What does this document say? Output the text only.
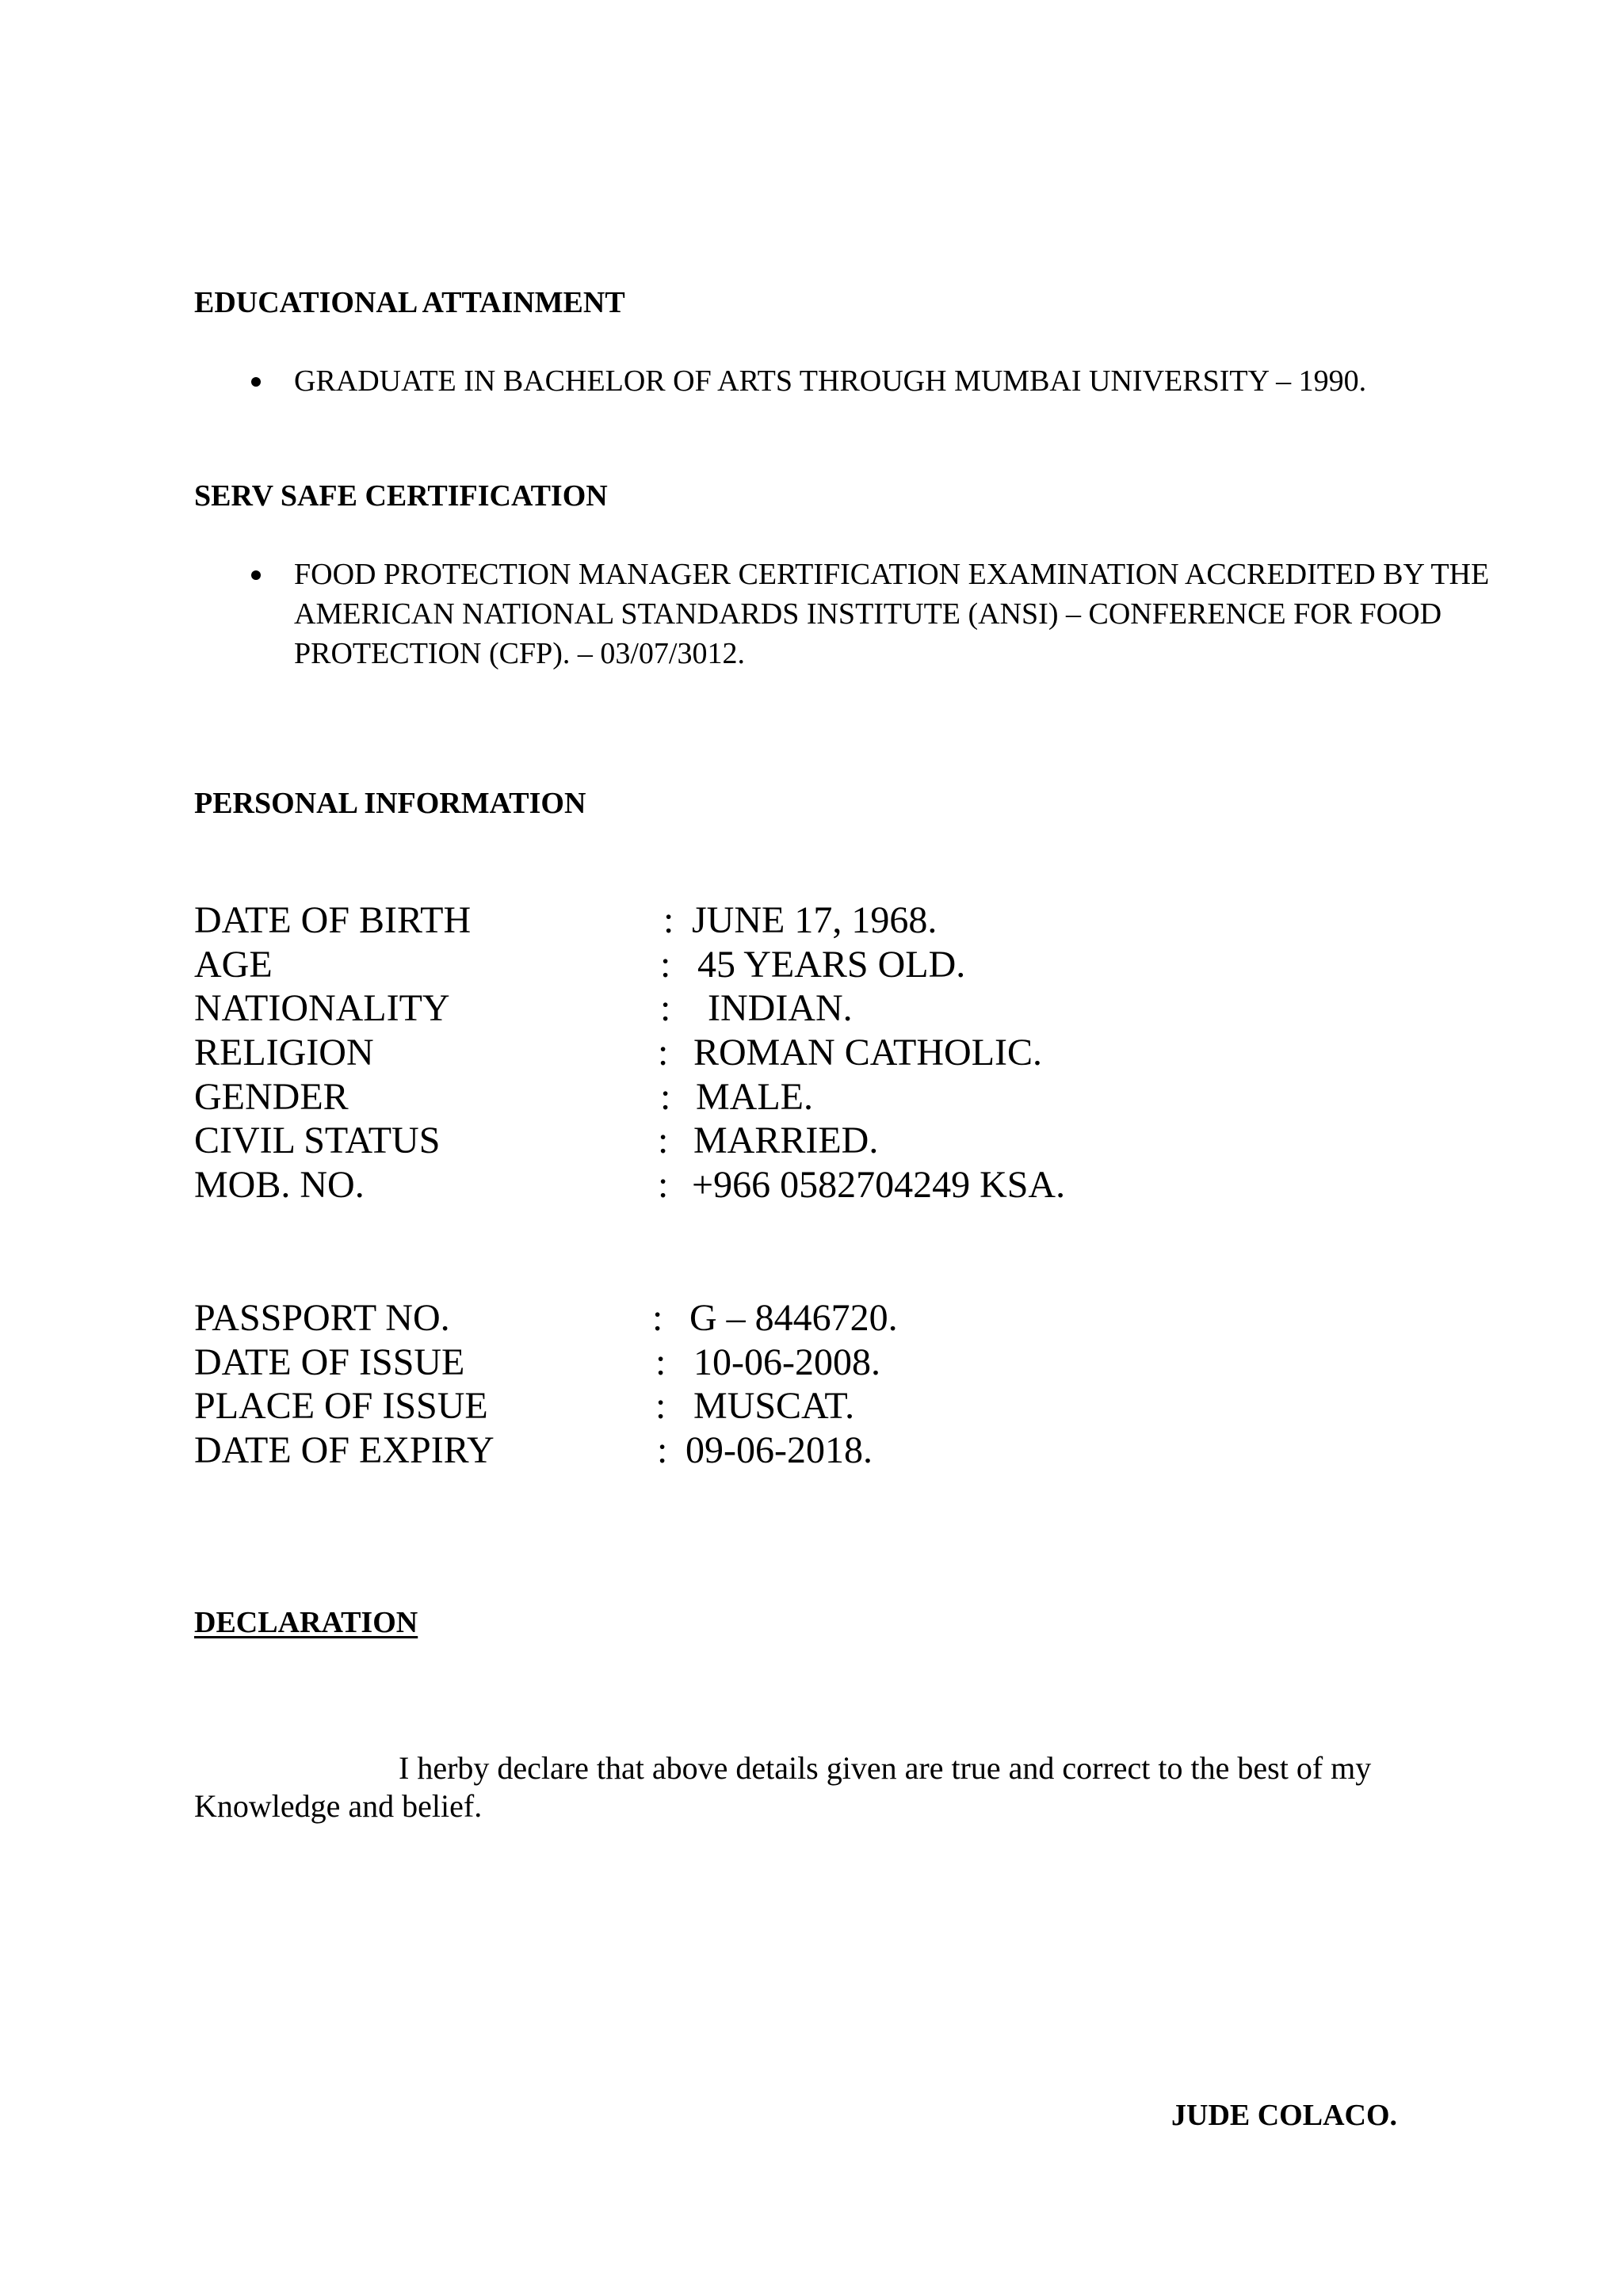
EDUCATIONAL ATTAINMENT
GRADUATE IN BACHELOR OF ARTS THROUGH MUMBAI UNIVERSITY – 1990.
SERV SAFE CERTIFICATION
FOOD PROTECTION MANAGER CERTIFICATION EXAMINATION ACCREDITED BY THE AMERICAN NATIONAL STANDARDS INSTITUTE (ANSI) – CONFERENCE FOR FOOD PROTECTION (CFP). – 03/07/3012.
PERSONAL INFORMATION
DATE OF BIRTH	: JUNE 17, 1968.
AGE	: 45 YEARS OLD.
NATIONALITY	: INDIAN.
RELIGION	: ROMAN CATHOLIC.
GENDER	: MALE.
CIVIL STATUS	: MARRIED.
MOB. NO.	: +966 0582704249 KSA.
PASSPORT NO.	: G – 8446720.
DATE OF ISSUE	: 10-06-2008.
PLACE OF ISSUE	: MUSCAT.
DATE OF EXPIRY	: 09-06-2018.
DECLARATION
I herby declare that above details given are true and correct to the best of my Knowledge and belief.
JUDE COLACO.
